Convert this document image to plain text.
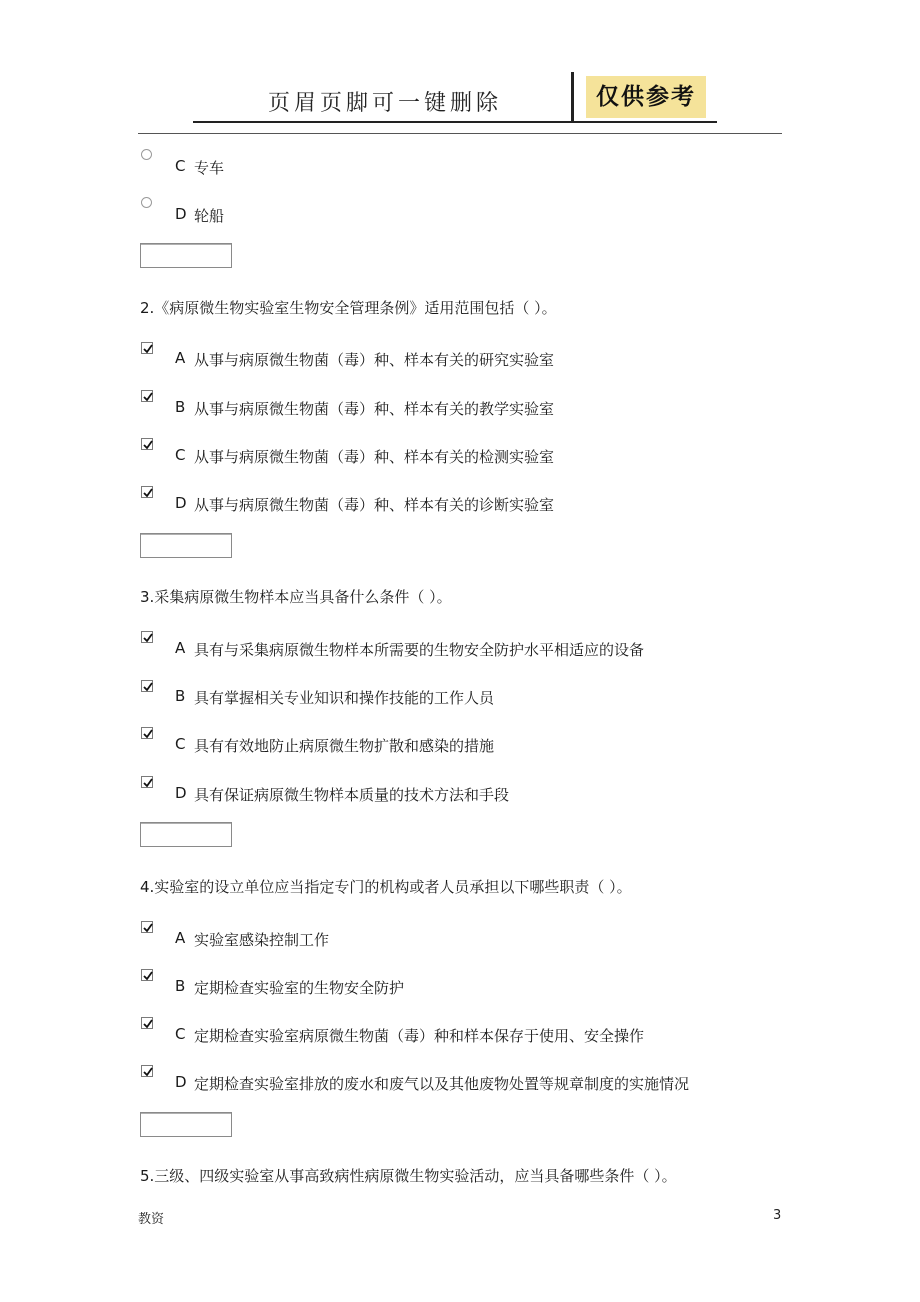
页眉页脚可一键删除	仅供参考
C 专车
D 轮船
2.《病原微生物实验室生物安全管理条例》适用范围包括（ ）。
A 从事与病原微生物菌（毒）种、样本有关的研究实验室
B 从事与病原微生物菌（毒）种、样本有关的教学实验室
C 从事与病原微生物菌（毒）种、样本有关的检测实验室
D 从事与病原微生物菌（毒）种、样本有关的诊断实验室
3.采集病原微生物样本应当具备什么条件（ ）。
A 具有与采集病原微生物样本所需要的生物安全防护水平相适应的设备
B 具有掌握相关专业知识和操作技能的工作人员
C 具有有效地防止病原微生物扩散和感染的措施
D 具有保证病原微生物样本质量的技术方法和手段
4.实验室的设立单位应当指定专门的机构或者人员承担以下哪些职责（ ）。
A 实验室感染控制工作
B 定期检查实验室的生物安全防护
C 定期检查实验室病原微生物菌（毒）种和样本保存于使用、安全操作
D 定期检查实验室排放的废水和废气以及其他废物处置等规章制度的实施情况
5.三级、四级实验室从事高致病性病原微生物实验活动，应当具备哪些条件（ ）。
教资	3
